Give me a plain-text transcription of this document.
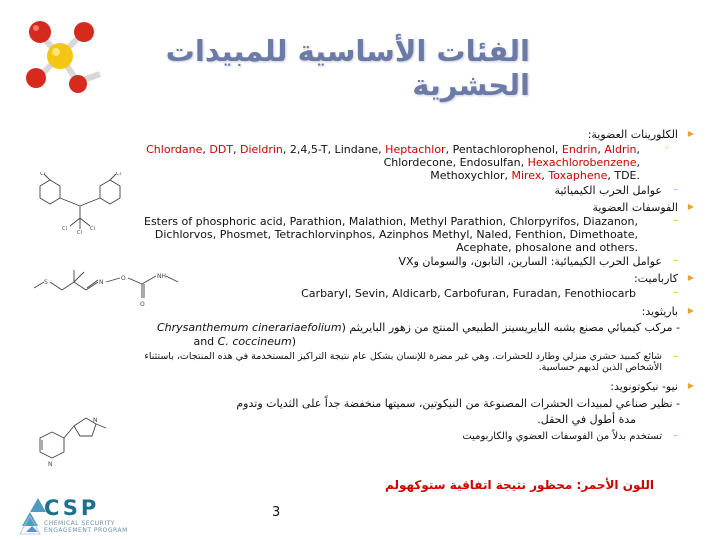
الفئات الأساسية للمبيدات الحشرية
Cl	Cl
Cl	Cl
Cl
S	N
O
O
NH
N
N
▶
الكلورينات العضوية:
◦
Chlordane, DDT, Dieldrin, 2,4,5-T, Lindane, Heptachlor, Pentachlorophenol, Endrin, Aldrin,
Chlordecone, Endosulfan, Hexachlorobenzene,
Methoxychlor, Mirex, Toxaphene, TDE.
–
عوامل الحرب الكيميائية
▶
الفوسفات العضوية
–
Esters of phosphoric acid, Parathion, Malathion, Methyl Parathion, Chlorpyrifos, Diazanon,
Dichlorvos, Phosmet, Tetrachlorvinphos, Azinphos Methyl, Naled, Fenthion, Dimethoate,
Acephate, phosalone and others.
–
عوامل الحرب الكيميائية: السارين، التابون، والسومان وVX
▶
كارباميت:
–
Carbaryl, Sevin, Aldicarb, Carbofuran, Furadan, Fenothiocarb
▶
باريثويد:
- مركب كيميائي مصنع يشبه البايريسينز الطبيعي المنتج من زهور البايريثم (Chrysanthemum cinerariaefolium
and C. coccineum)
–
شائع كمبيد حشري منزلي وطارد للحشرات. وهي غير مضرة للإنسان بشكل عام نتيجة التراكيز المستخدمة في هذه المنتجات، باستثناء
الأشخاص الذين لديهم حساسية.
▶
نيو- نيكوتونويد:
- نظير صناعي لمبيدات الحشرات المصنوعة من النيكوتين، سميتها منخفضة جداً على الثديات وتدوم
مدة أطول في الحقل.
–
تستخدم بدلاً من الفوسفات العضوي والكاربوميت
اللون الأحمر: محظور نتيجة اتفاقية ستوكهولم
3
CSP
CHEMICAL SECURITY ENGAGEMENT PROGRAM
